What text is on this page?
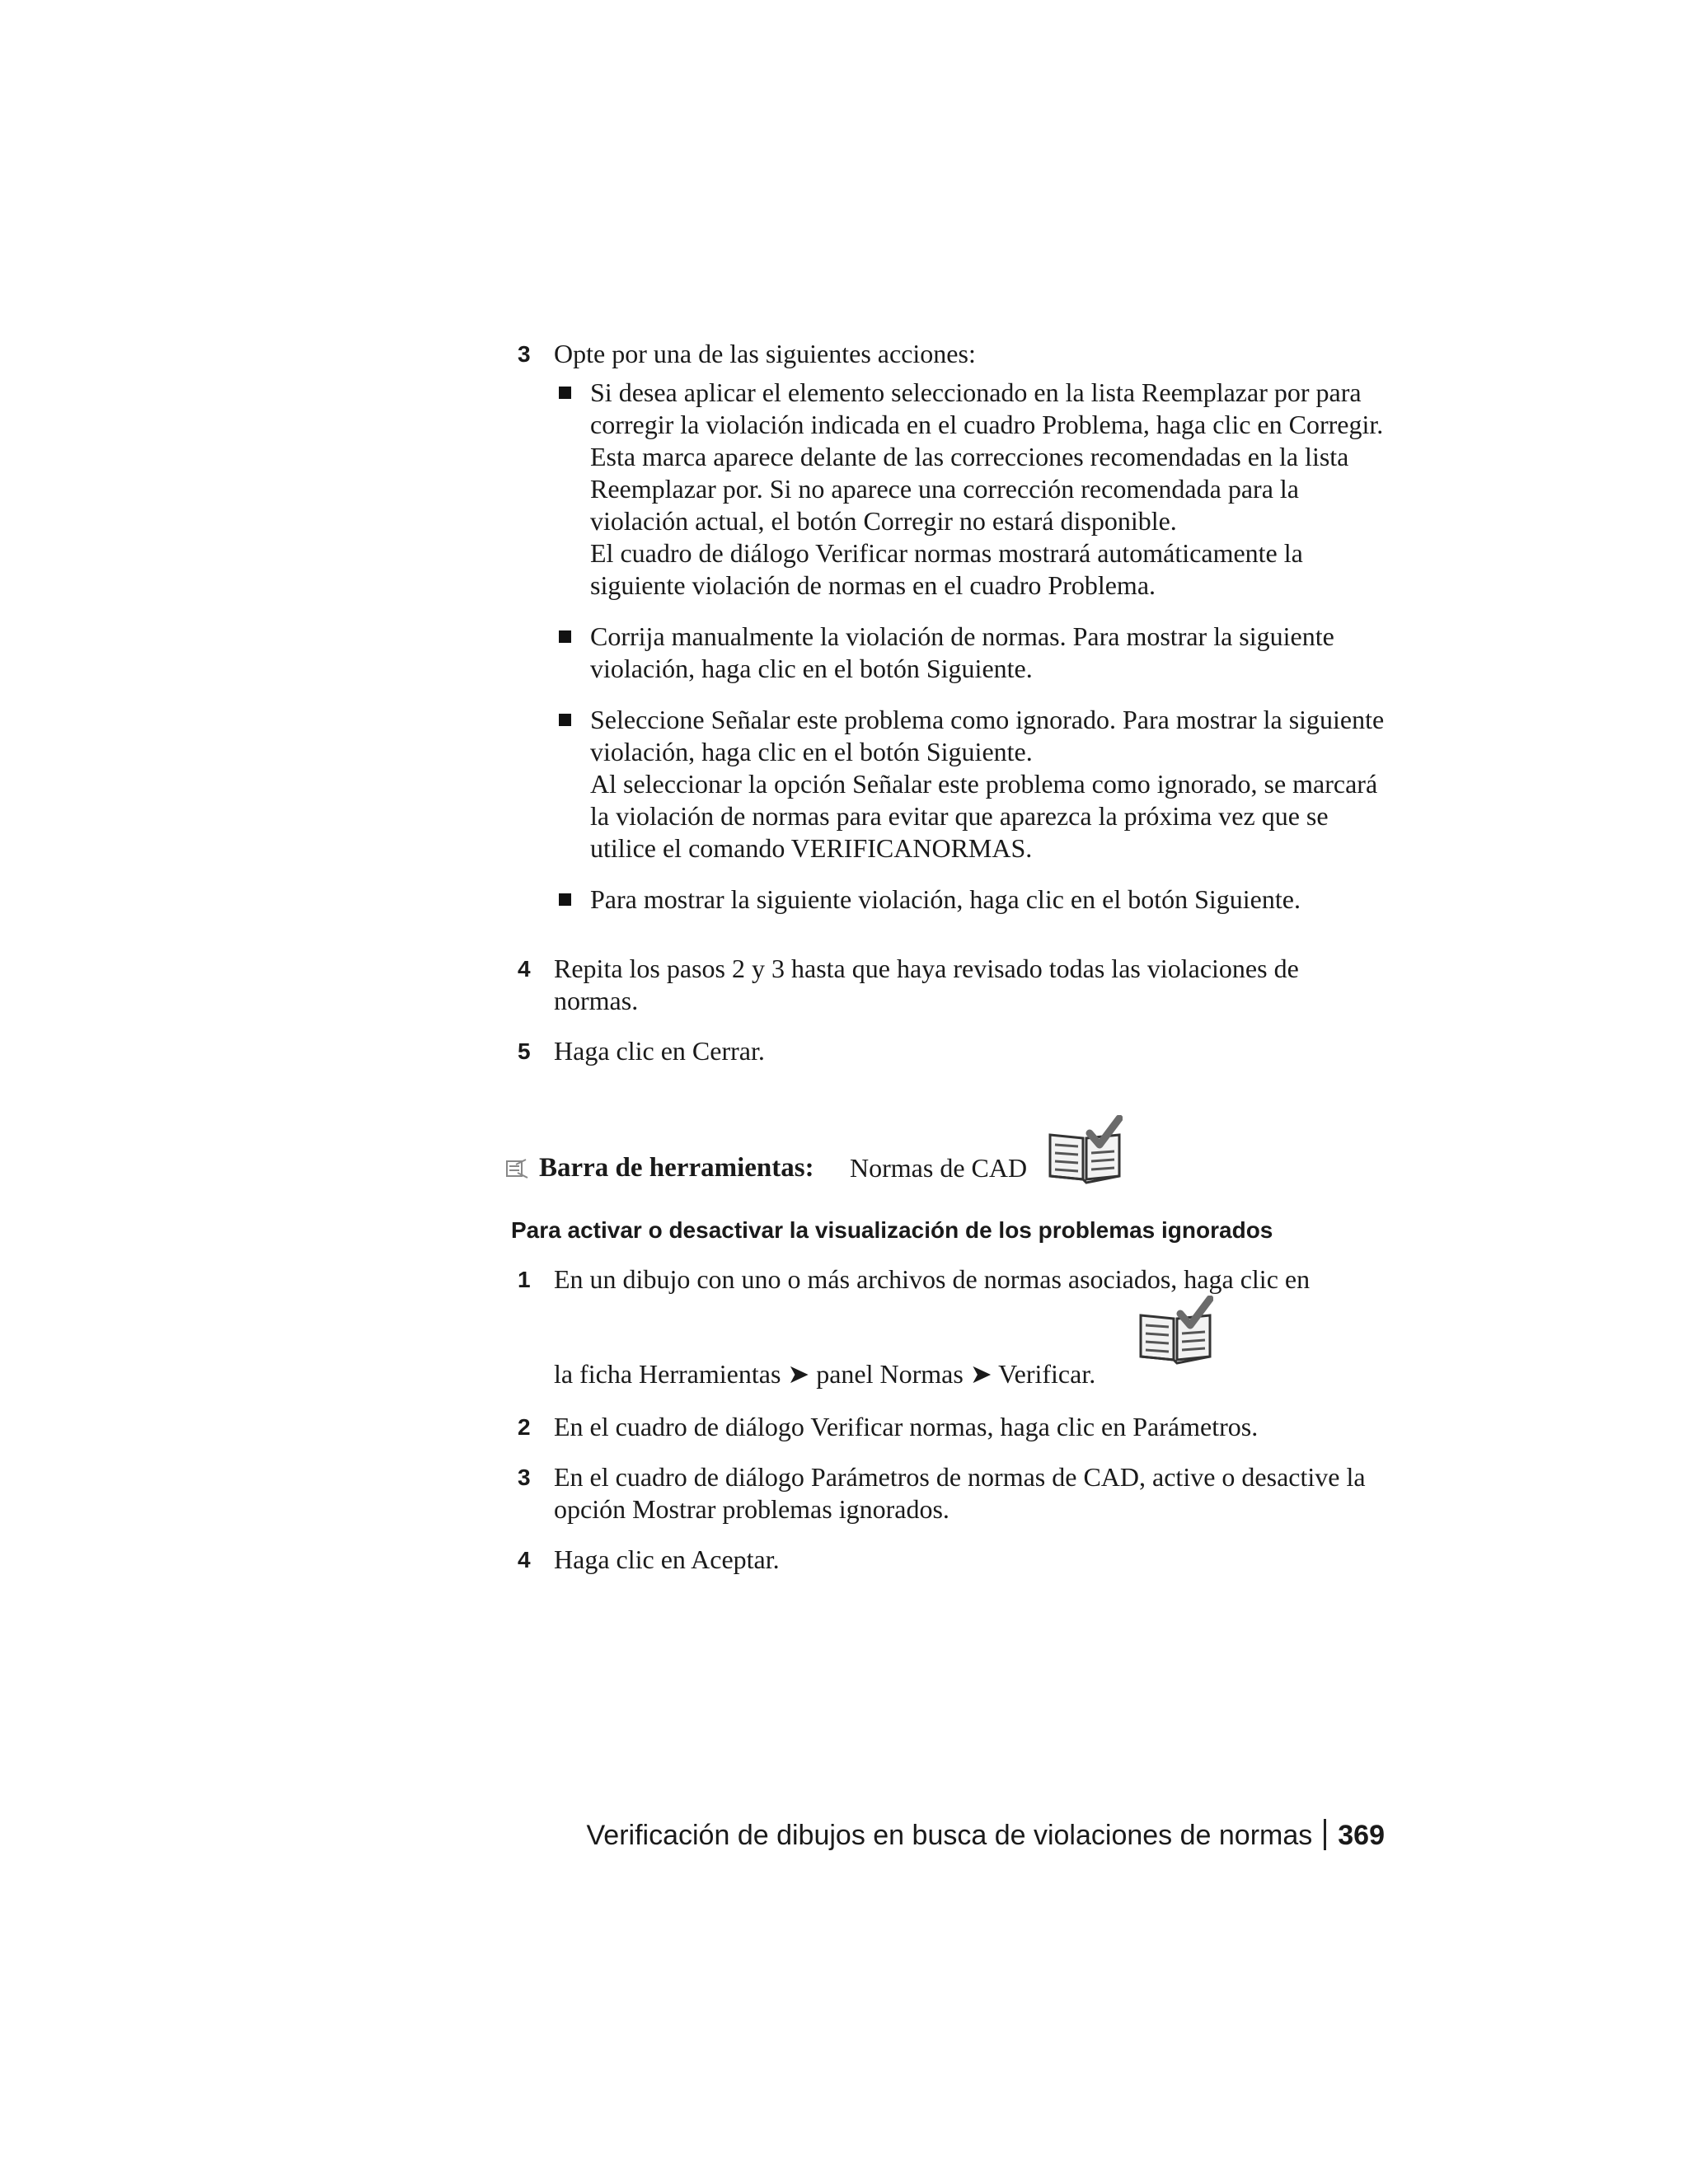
3 Opte por una de las siguientes acciones:
Si desea aplicar el elemento seleccionado en la lista Reemplazar por para corregir la violación indicada en el cuadro Problema, haga clic en Corregir. Esta marca aparece delante de las correcciones recomendadas en la lista Reemplazar por. Si no aparece una corrección recomendada para la violación actual, el botón Corregir no estará disponible.
El cuadro de diálogo Verificar normas mostrará automáticamente la siguiente violación de normas en el cuadro Problema.
Corrija manualmente la violación de normas. Para mostrar la siguiente violación, haga clic en el botón Siguiente.
Seleccione Señalar este problema como ignorado. Para mostrar la siguiente violación, haga clic en el botón Siguiente.
Al seleccionar la opción Señalar este problema como ignorado, se marcará la violación de normas para evitar que aparezca la próxima vez que se utilice el comando VERIFICANORMAS.
Para mostrar la siguiente violación, haga clic en el botón Siguiente.
4 Repita los pasos 2 y 3 hasta que haya revisado todas las violaciones de normas.
5 Haga clic en Cerrar.
Barra de herramientas: Normas de CAD
Para activar o desactivar la visualización de los problemas ignorados
1 En un dibujo con uno o más archivos de normas asociados, haga clic en
la ficha Herramientas ➤ panel Normas ➤ Verificar.
2 En el cuadro de diálogo Verificar normas, haga clic en Parámetros.
3 En el cuadro de diálogo Parámetros de normas de CAD, active o desactive la opción Mostrar problemas ignorados.
4 Haga clic en Aceptar.
Verificación de dibujos en busca de violaciones de normas 369
